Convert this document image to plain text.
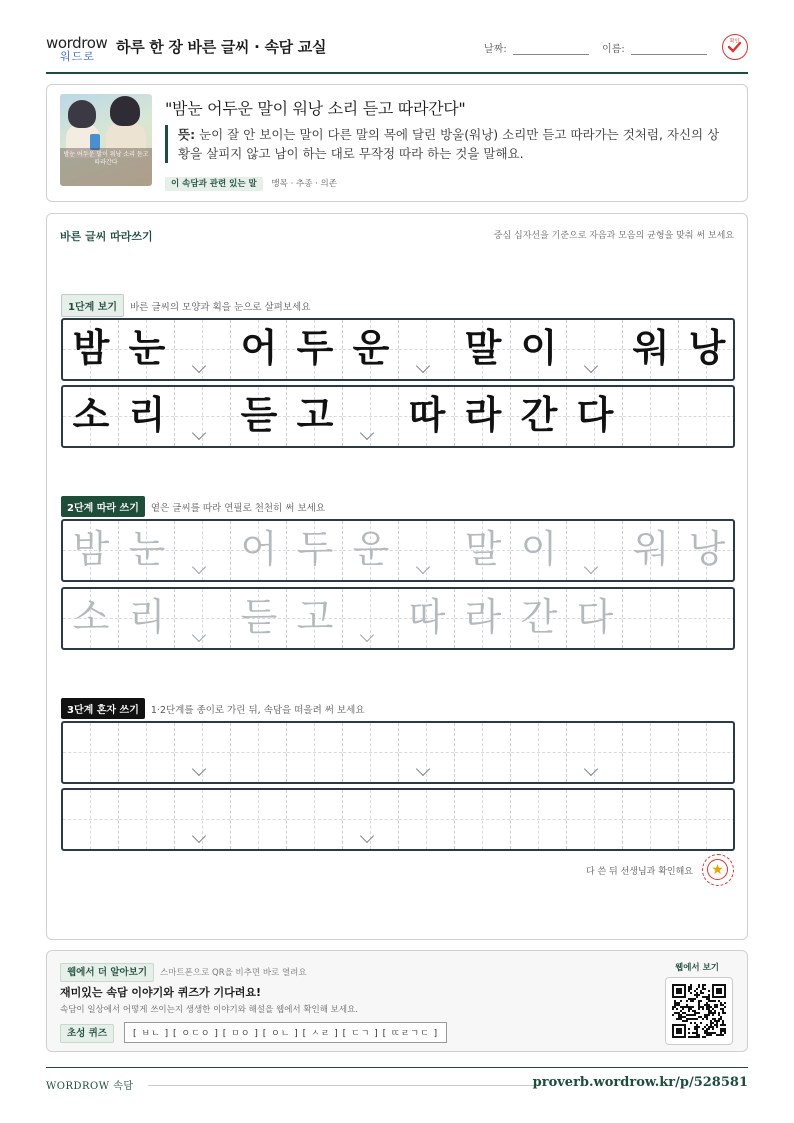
wordrow
워드로
하루 한 장 바른 글씨 · 속담 교실	날짜:	이름:
확인
밤눈 어두운 말이 워낭 소리 듣고 따라간다

"밤눈 어두운 말이 워낭 소리 듣고 따라간다"
뜻: 눈이 잘 안 보이는 말이 다른 말의 목에 달린 방울(워낭) 소리만 듣고 따라가는 것처럼, 자신의 상황을 살피지 않고 남이 하는 대로 무작정 따라 하는 것을 말해요.
이 속담과 관련 있는 말 맹목 · 추종 · 의존
바른 글씨 따라쓰기	중심 십자선을 기준으로 자음과 모음의 균형을 맞춰 써 보세요
1단계 보기 바른 글씨의 모양과 획을 눈으로 살펴보세요
밤 눈 어 두 운 말 이 워 낭
소 리 듣 고 따 라 간 다
2단계 따라 쓰기 옅은 글씨를 따라 연필로 천천히 써 보세요
밤 눈 어 두 운 말 이 워 낭
소 리 듣 고 따 라 간 다
3단계 혼자 쓰기 1·2단계를 종이로 가린 뒤, 속담을 떠올려 써 보세요
다 쓴 뒤 선생님과 확인해요	★
웹에서 더 알아보기 스마트폰으로 QR을 비추면 바로 열려요
재미있는 속담 이야기와 퀴즈가 기다려요!
속담이 일상에서 어떻게 쓰이는지 생생한 이야기와 해설을 웹에서 확인해 보세요.
초성 퀴즈	[ ㅂㄴ ] [ ㅇㄷㅇ ] [ ㅁㅇ ] [ ㅇㄴ ] [ ㅅㄹ ] [ ㄷㄱ ] [ ㄸㄹㄱㄷ ]
웹에서 보기
WORDROW 속담	proverb.wordrow.kr/p/528581
